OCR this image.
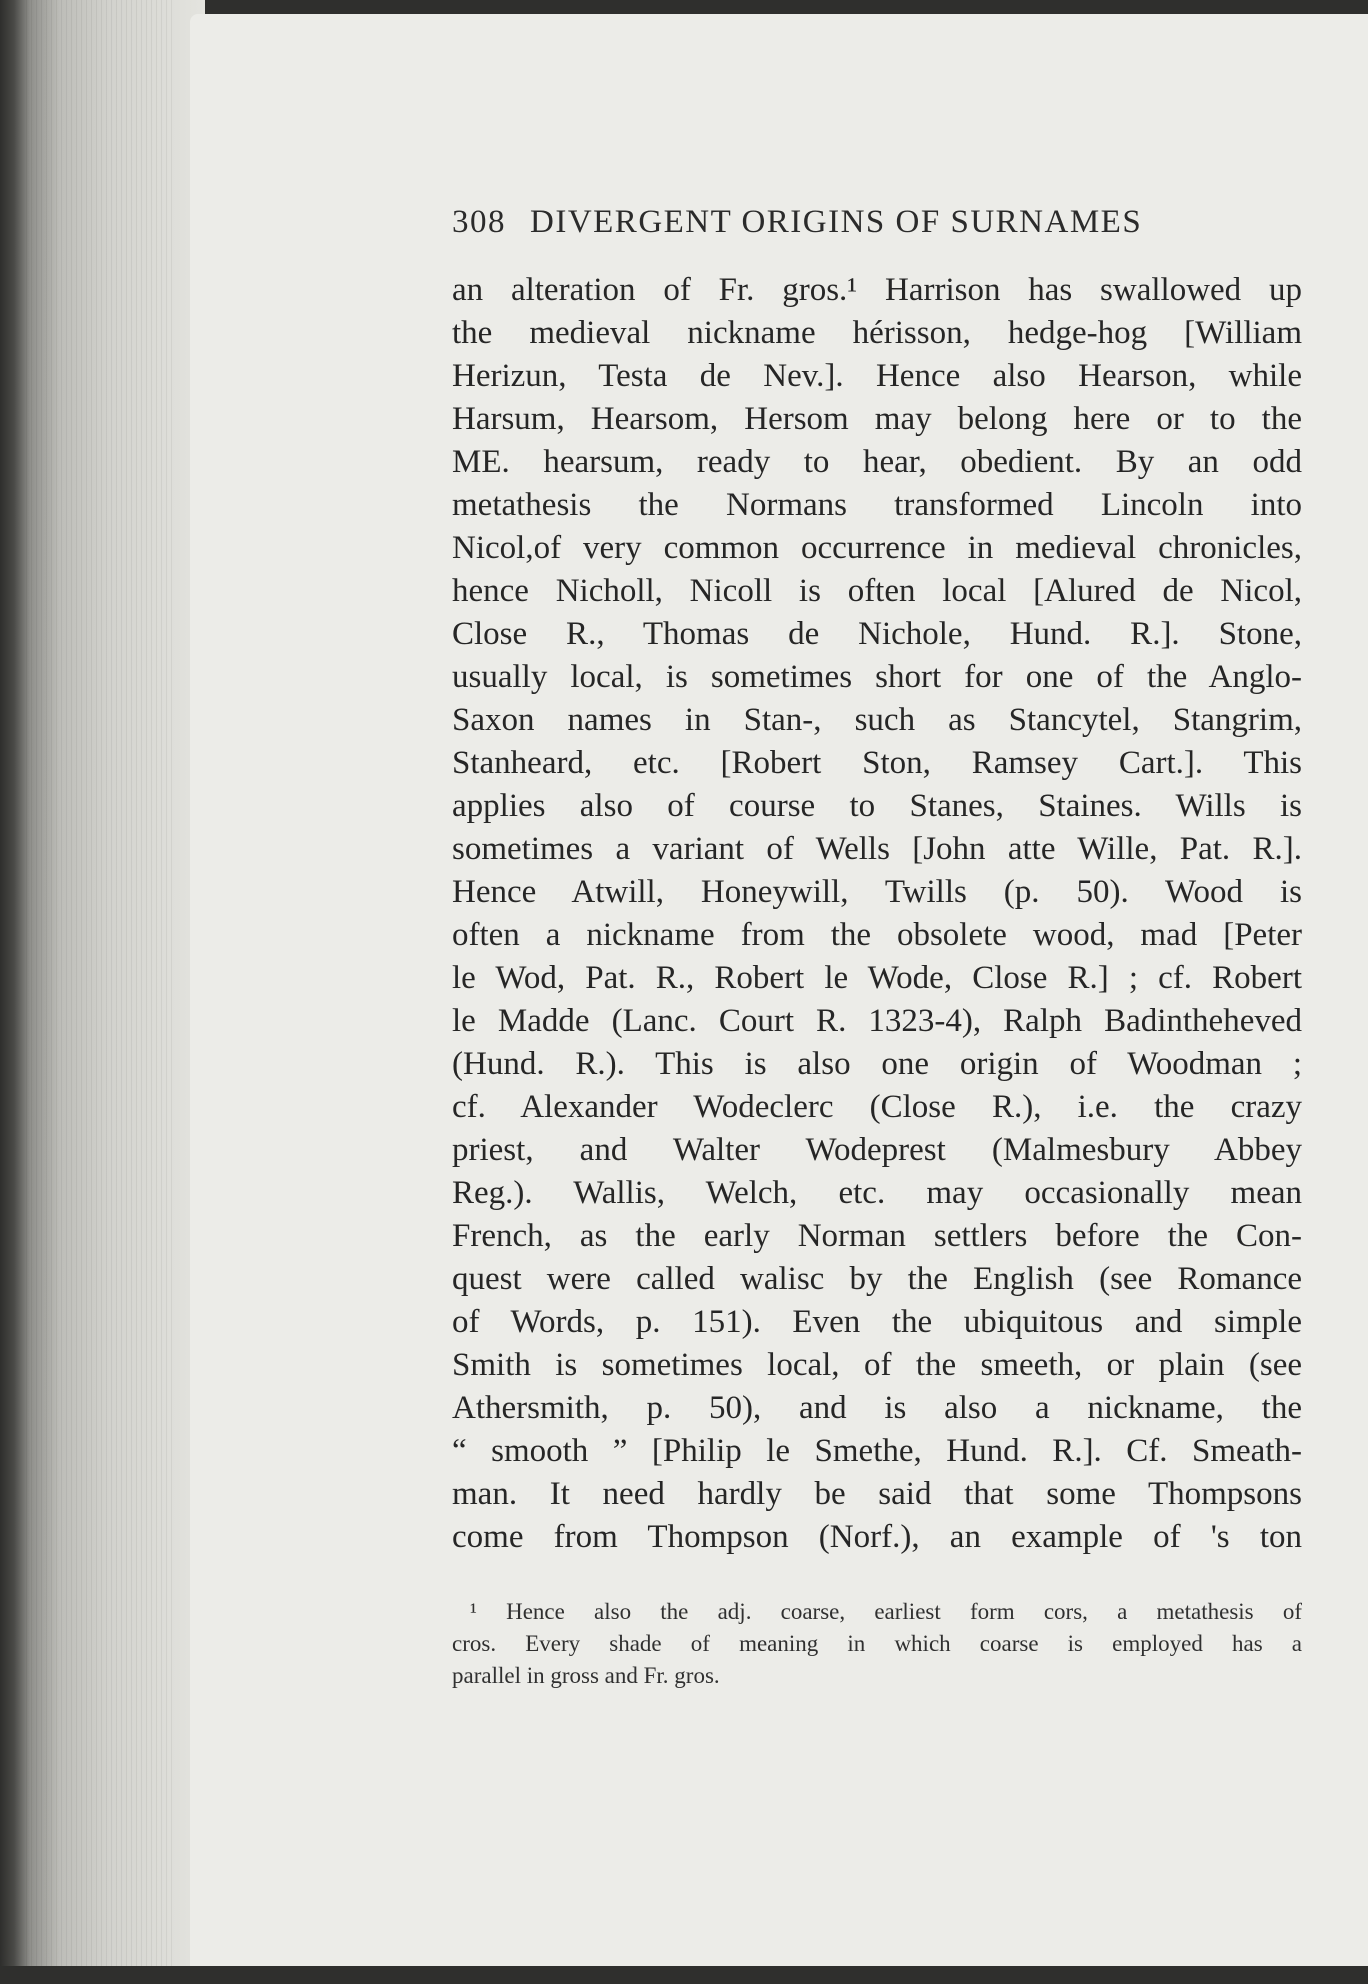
308 DIVERGENT ORIGINS OF SURNAMES
an alteration of Fr. gros.¹ Harrison has swallowed up
the medieval nickname hérisson, hedge-hog [William
Herizun, Testa de Nev.]. Hence also Hearson, while
Harsum, Hearsom, Hersom may belong here or to the
ME. hearsum, ready to hear, obedient. By an odd
metathesis the Normans transformed Lincoln into
Nicol,of very common occurrence in medieval chronicles,
hence Nicholl, Nicoll is often local [Alured de Nicol,
Close R., Thomas de Nichole, Hund. R.]. Stone,
usually local, is sometimes short for one of the Anglo-
Saxon names in Stan-, such as Stancytel, Stangrim,
Stanheard, etc. [Robert Ston, Ramsey Cart.]. This
applies also of course to Stanes, Staines. Wills is
sometimes a variant of Wells [John atte Wille, Pat. R.].
Hence Atwill, Honeywill, Twills (p. 50). Wood is
often a nickname from the obsolete wood, mad [Peter
le Wod, Pat. R., Robert le Wode, Close R.] ; cf. Robert
le Madde (Lanc. Court R. 1323-4), Ralph Badintheheved
(Hund. R.). This is also one origin of Woodman ;
cf. Alexander Wodeclerc (Close R.), i.e. the crazy
priest, and Walter Wodeprest (Malmesbury Abbey
Reg.). Wallis, Welch, etc. may occasionally mean
French, as the early Norman settlers before the Con-
quest were called walisc by the English (see Romance
of Words, p. 151). Even the ubiquitous and simple
Smith is sometimes local, of the smeeth, or plain (see
Athersmith, p. 50), and is also a nickname, the
“ smooth ” [Philip le Smethe, Hund. R.]. Cf. Smeath-
man. It need hardly be said that some Thompsons
come from Thompson (Norf.), an example of 's ton
¹ Hence also the adj. coarse, earliest form cors, a metathesis of
cros. Every shade of meaning in which coarse is employed has a
parallel in gross and Fr. gros.
